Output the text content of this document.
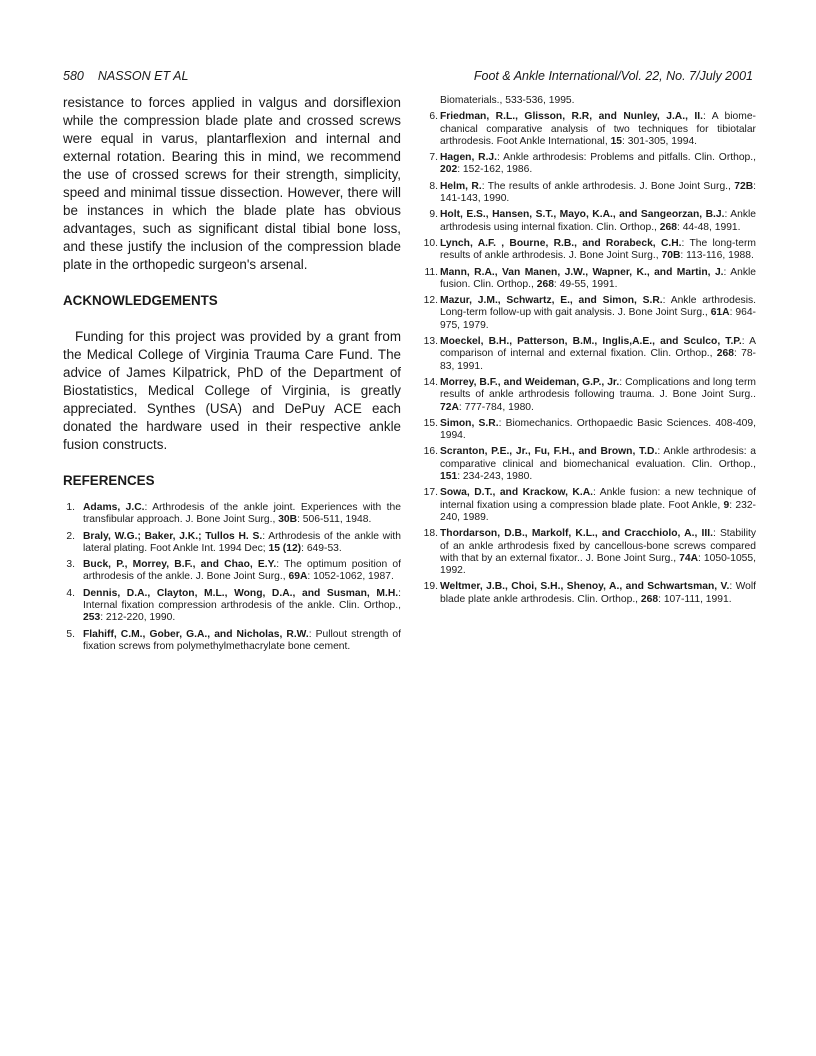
580 NASSON ET AL	Foot & Ankle International/Vol. 22, No. 7/July 2001

resistance to forces applied in valgus and dorsiflexion while the compression blade plate and crossed screws were equal in varus, plantarflexion and internal and external rotation. Bearing this in mind, we recommend the use of crossed screws for their strength, simplicity, speed and minimal tissue dissection. However, there will be instances in which the blade plate has obvious advantages, such as significant distal tibial bone loss, and these justify the inclusion of the compression blade plate in the orthopedic surgeon's arsenal.

ACKNOWLEDGEMENTS

Funding for this project was provided by a grant from the Medical College of Virginia Trauma Care Fund. The advice of James Kilpatrick, PhD of the Department of Biostatistics, Medical College of Virginia, is greatly appreciated. Synthes (USA) and DePuy ACE each donated the hardware used in their respective ankle fusion constructs.

REFERENCES
1. Adams, J.C.: Arthrodesis of the ankle joint. Experiences with the transfibular approach. J. Bone Joint Surg., 30B: 506-511, 1948.
2. Braly, W.G.; Baker, J.K.; Tullos H. S.: Arthrodesis of the ankle with lateral plating. Foot Ankle Int. 1994 Dec; 15 (12): 649-53.
3. Buck, P., Morrey, B.F., and Chao, E.Y.: The optimum position of arthrodesis of the ankle. J. Bone Joint Surg., 69A: 1052-1062, 1987.
4. Dennis, D.A., Clayton, M.L., Wong, D.A., and Susman, M.H.: Internal fixation compression arthrodesis of the ankle. Clin. Orthop., 253: 212-220, 1990.
5. Flahiff, C.M., Gober, G.A., and Nicholas, R.W.: Pullout strength of fixation screws from polymethylmethacrylate bone cement.
Biomaterials., 533-536, 1995.
6. Friedman, R.L., Glisson, R.R, and Nunley, J.A., II.: A biome-chanical comparative analysis of two techniques for tibiotalar arthrodesis. Foot Ankle International, 15: 301-305, 1994.
7. Hagen, R.J.: Ankle arthrodesis: Problems and pitfalls. Clin. Orthop., 202: 152-162, 1986.
8. Helm, R.: The results of ankle arthrodesis. J. Bone Joint Surg., 72B: 141-143, 1990.
9. Holt, E.S., Hansen, S.T., Mayo, K.A., and Sangeorzan, B.J.: Ankle arthrodesis using internal fixation. Clin. Orthop., 268: 44-48, 1991.
10. Lynch, A.F. , Bourne, R.B., and Rorabeck, C.H.: The long-term results of ankle arthrodesis. J. Bone Joint Surg., 70B: 113-116, 1988.
11. Mann, R.A., Van Manen, J.W., Wapner, K., and Martin, J.: Ankle fusion. Clin. Orthop., 268: 49-55, 1991.
12. Mazur, J.M., Schwartz, E., and Simon, S.R.: Ankle arthrodesis. Long-term follow-up with gait analysis. J. Bone Joint Surg., 61A: 964-975, 1979.
13. Moeckel, B.H., Patterson, B.M., Inglis,A.E., and Sculco, T.P.: A comparison of internal and external fixation. Clin. Orthop., 268: 78-83, 1991.
14. Morrey, B.F., and Weideman, G.P., Jr.: Complications and long term results of ankle arthrodesis following trauma. J. Bone Joint Surg.. 72A: 777-784, 1980.
15. Simon, S.R.: Biomechanics. Orthopaedic Basic Sciences. 408-409, 1994.
16. Scranton, P.E., Jr., Fu, F.H., and Brown, T.D.: Ankle arthrodesis: a comparative clinical and biomechanical evaluation. Clin. Orthop., 151: 234-243, 1980.
17. Sowa, D.T., and Krackow, K.A.: Ankle fusion: a new technique of internal fixation using a compression blade plate. Foot Ankle, 9: 232-240, 1989.
18. Thordarson, D.B., Markolf, K.L., and Cracchiolo, A., III.: Stability of an ankle arthrodesis fixed by cancellous-bone screws compared with that by an external fixator.. J. Bone Joint Surg., 74A: 1050-1055, 1992.
19. Weltmer, J.B., Choi, S.H., Shenoy, A., and Schwartsman, V.: Wolf blade plate ankle arthrodesis. Clin. Orthop., 268: 107-111, 1991.
